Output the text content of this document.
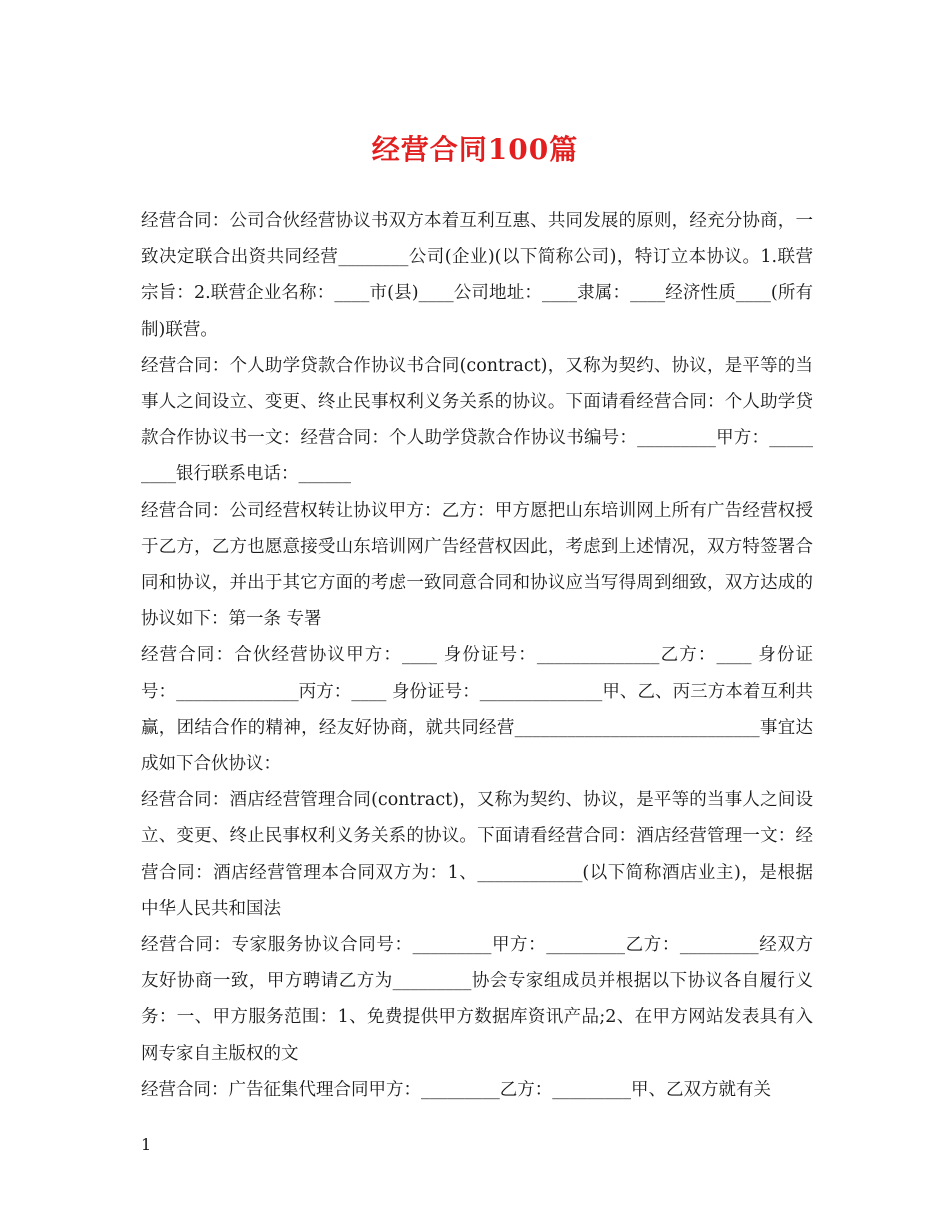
经营合同100篇

经营合同：公司合伙经营协议书双方本着互利互惠、共同发展的原则，经充分协商，一致决定联合出资共同经营________公司(企业)(以下简称公司)，特订立本协议。1.联营宗旨：2.联营企业名称：____市(县)____公司地址：____隶属：____经济性质____(所有制)联营。

经营合同：个人助学贷款合作协议书合同(contract)，又称为契约、协议，是平等的当事人之间设立、变更、终止民事权利义务关系的协议。下面请看经营合同：个人助学贷款合作协议书一文：经营合同：个人助学贷款合作协议书编号：_________甲方：_________银行联系电话：______

经营合同：公司经营权转让协议甲方：乙方：甲方愿把山东培训网上所有广告经营权授于乙方，乙方也愿意接受山东培训网广告经营权因此，考虑到上述情况，双方特签署合同和协议，并出于其它方面的考虑一致同意合同和协议应当写得周到细致，双方达成的协议如下：第一条 专署

经营合同：合伙经营协议甲方：____ 身份证号：______________乙方：____ 身份证号：______________丙方：____ 身份证号：______________甲、乙、丙三方本着互利共赢，团结合作的精神，经友好协商，就共同经营____________________________事宜达成如下合伙协议：

经营合同：酒店经营管理合同(contract)，又称为契约、协议，是平等的当事人之间设立、变更、终止民事权利义务关系的协议。下面请看经营合同：酒店经营管理一文：经营合同：酒店经营管理本合同双方为：1、____________(以下简称酒店业主)，是根据中华人民共和国法

经营合同：专家服务协议合同号：_________甲方：_________乙方：_________经双方友好协商一致，甲方聘请乙方为_________协会专家组成员并根据以下协议各自履行义务：一、甲方服务范围：1、免费提供甲方数据库资讯产品;2、在甲方网站发表具有入网专家自主版权的文

经营合同：广告征集代理合同甲方：_________乙方：_________甲、乙双方就有关

1
